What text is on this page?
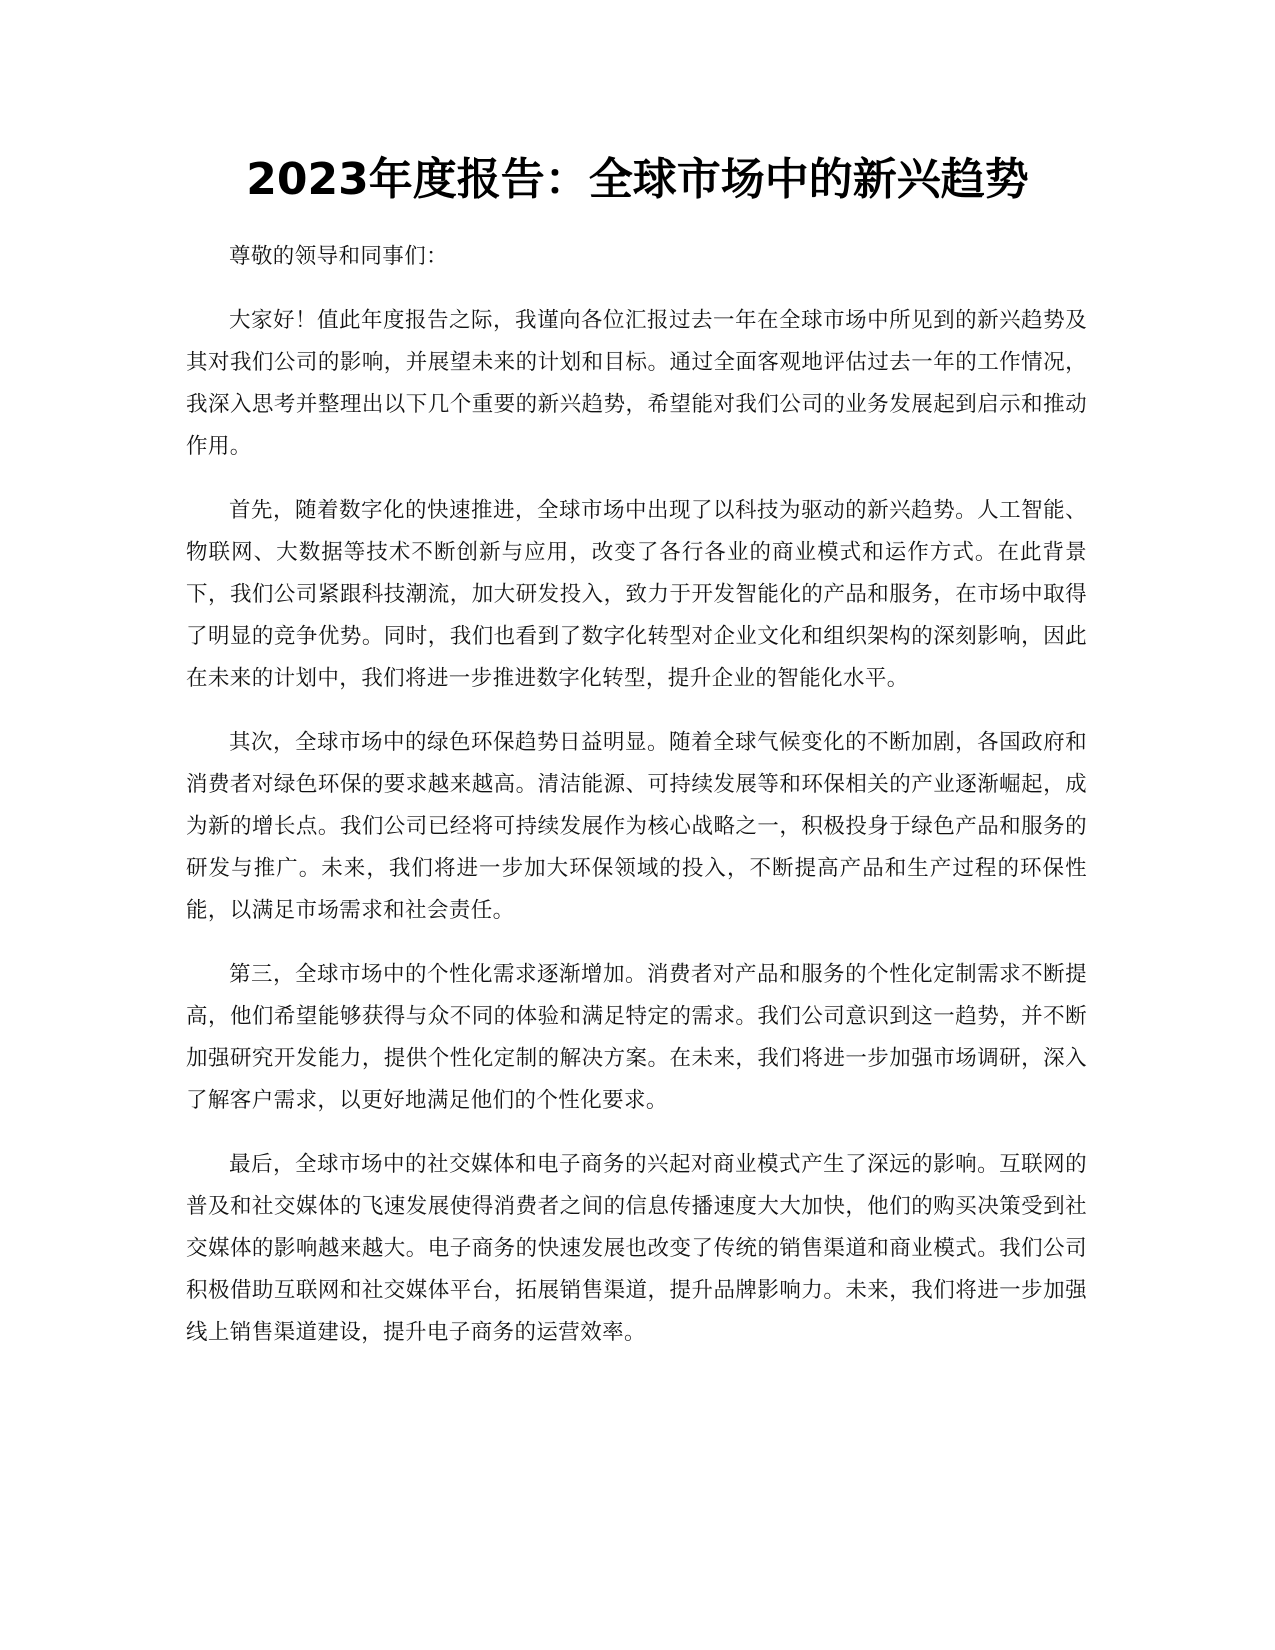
2023年度报告：全球市场中的新兴趋势

尊敬的领导和同事们：

大家好！值此年度报告之际，我谨向各位汇报过去一年在全球市场中所见到的新兴趋势及其对我们公司的影响，并展望未来的计划和目标。通过全面客观地评估过去一年的工作情况，我深入思考并整理出以下几个重要的新兴趋势，希望能对我们公司的业务发展起到启示和推动作用。

首先，随着数字化的快速推进，全球市场中出现了以科技为驱动的新兴趋势。人工智能、物联网、大数据等技术不断创新与应用，改变了各行各业的商业模式和运作方式。在此背景下，我们公司紧跟科技潮流，加大研发投入，致力于开发智能化的产品和服务，在市场中取得了明显的竞争优势。同时，我们也看到了数字化转型对企业文化和组织架构的深刻影响，因此在未来的计划中，我们将进一步推进数字化转型，提升企业的智能化水平。

其次，全球市场中的绿色环保趋势日益明显。随着全球气候变化的不断加剧，各国政府和消费者对绿色环保的要求越来越高。清洁能源、可持续发展等和环保相关的产业逐渐崛起，成为新的增长点。我们公司已经将可持续发展作为核心战略之一，积极投身于绿色产品和服务的研发与推广。未来，我们将进一步加大环保领域的投入，不断提高产品和生产过程的环保性能，以满足市场需求和社会责任。

第三，全球市场中的个性化需求逐渐增加。消费者对产品和服务的个性化定制需求不断提高，他们希望能够获得与众不同的体验和满足特定的需求。我们公司意识到这一趋势，并不断加强研究开发能力，提供个性化定制的解决方案。在未来，我们将进一步加强市场调研，深入了解客户需求，以更好地满足他们的个性化要求。

最后，全球市场中的社交媒体和电子商务的兴起对商业模式产生了深远的影响。互联网的普及和社交媒体的飞速发展使得消费者之间的信息传播速度大大加快，他们的购买决策受到社交媒体的影响越来越大。电子商务的快速发展也改变了传统的销售渠道和商业模式。我们公司积极借助互联网和社交媒体平台，拓展销售渠道，提升品牌影响力。未来，我们将进一步加强线上销售渠道建设，提升电子商务的运营效率。
